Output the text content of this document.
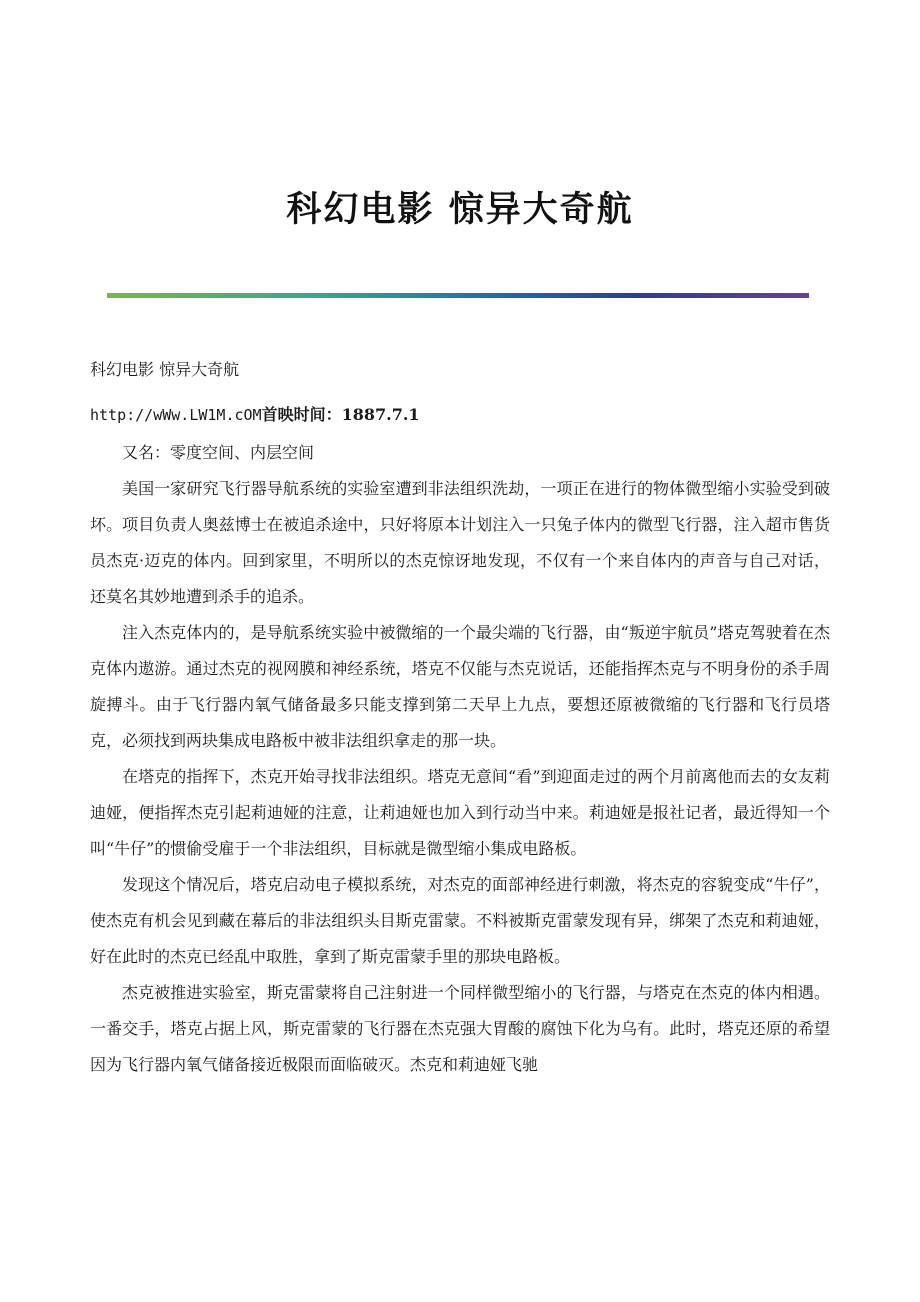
科幻电影 惊异大奇航

科幻电影 惊异大奇航

http://wWw.LW1M.cOM首映时间：1887.7.1

又名：零度空间、内层空间

美国一家研究飞行器导航系统的实验室遭到非法组织洗劫，一项正在进行的物体微型缩小实验受到破坏。项目负责人奥兹博士在被追杀途中，只好将原本计划注入一只兔子体内的微型飞行器，注入超市售货员杰克·迈克的体内。回到家里，不明所以的杰克惊讶地发现，不仅有一个来自体内的声音与自己对话，还莫名其妙地遭到杀手的追杀。

注入杰克体内的，是导航系统实验中被微缩的一个最尖端的飞行器，由“叛逆宇航员”塔克驾驶着在杰克体内遨游。通过杰克的视网膜和神经系统，塔克不仅能与杰克说话，还能指挥杰克与不明身份的杀手周旋搏斗。由于飞行器内氧气储备最多只能支撑到第二天早上九点，要想还原被微缩的飞行器和飞行员塔克，必须找到两块集成电路板中被非法组织拿走的那一块。

在塔克的指挥下，杰克开始寻找非法组织。塔克无意间“看”到迎面走过的两个月前离他而去的女友莉迪娅，便指挥杰克引起莉迪娅的注意，让莉迪娅也加入到行动当中来。莉迪娅是报社记者，最近得知一个叫“牛仔”的惯偷受雇于一个非法组织，目标就是微型缩小集成电路板。

发现这个情况后，塔克启动电子模拟系统，对杰克的面部神经进行刺激，将杰克的容貌变成“牛仔”，使杰克有机会见到藏在幕后的非法组织头目斯克雷蒙。不料被斯克雷蒙发现有异，绑架了杰克和莉迪娅，好在此时的杰克已经乱中取胜，拿到了斯克雷蒙手里的那块电路板。

杰克被推进实验室，斯克雷蒙将自己注射进一个同样微型缩小的飞行器，与塔克在杰克的体内相遇。一番交手，塔克占据上风，斯克雷蒙的飞行器在杰克强大胃酸的腐蚀下化为乌有。此时，塔克还原的希望因为飞行器内氧气储备接近极限而面临破灭。杰克和莉迪娅飞驰
